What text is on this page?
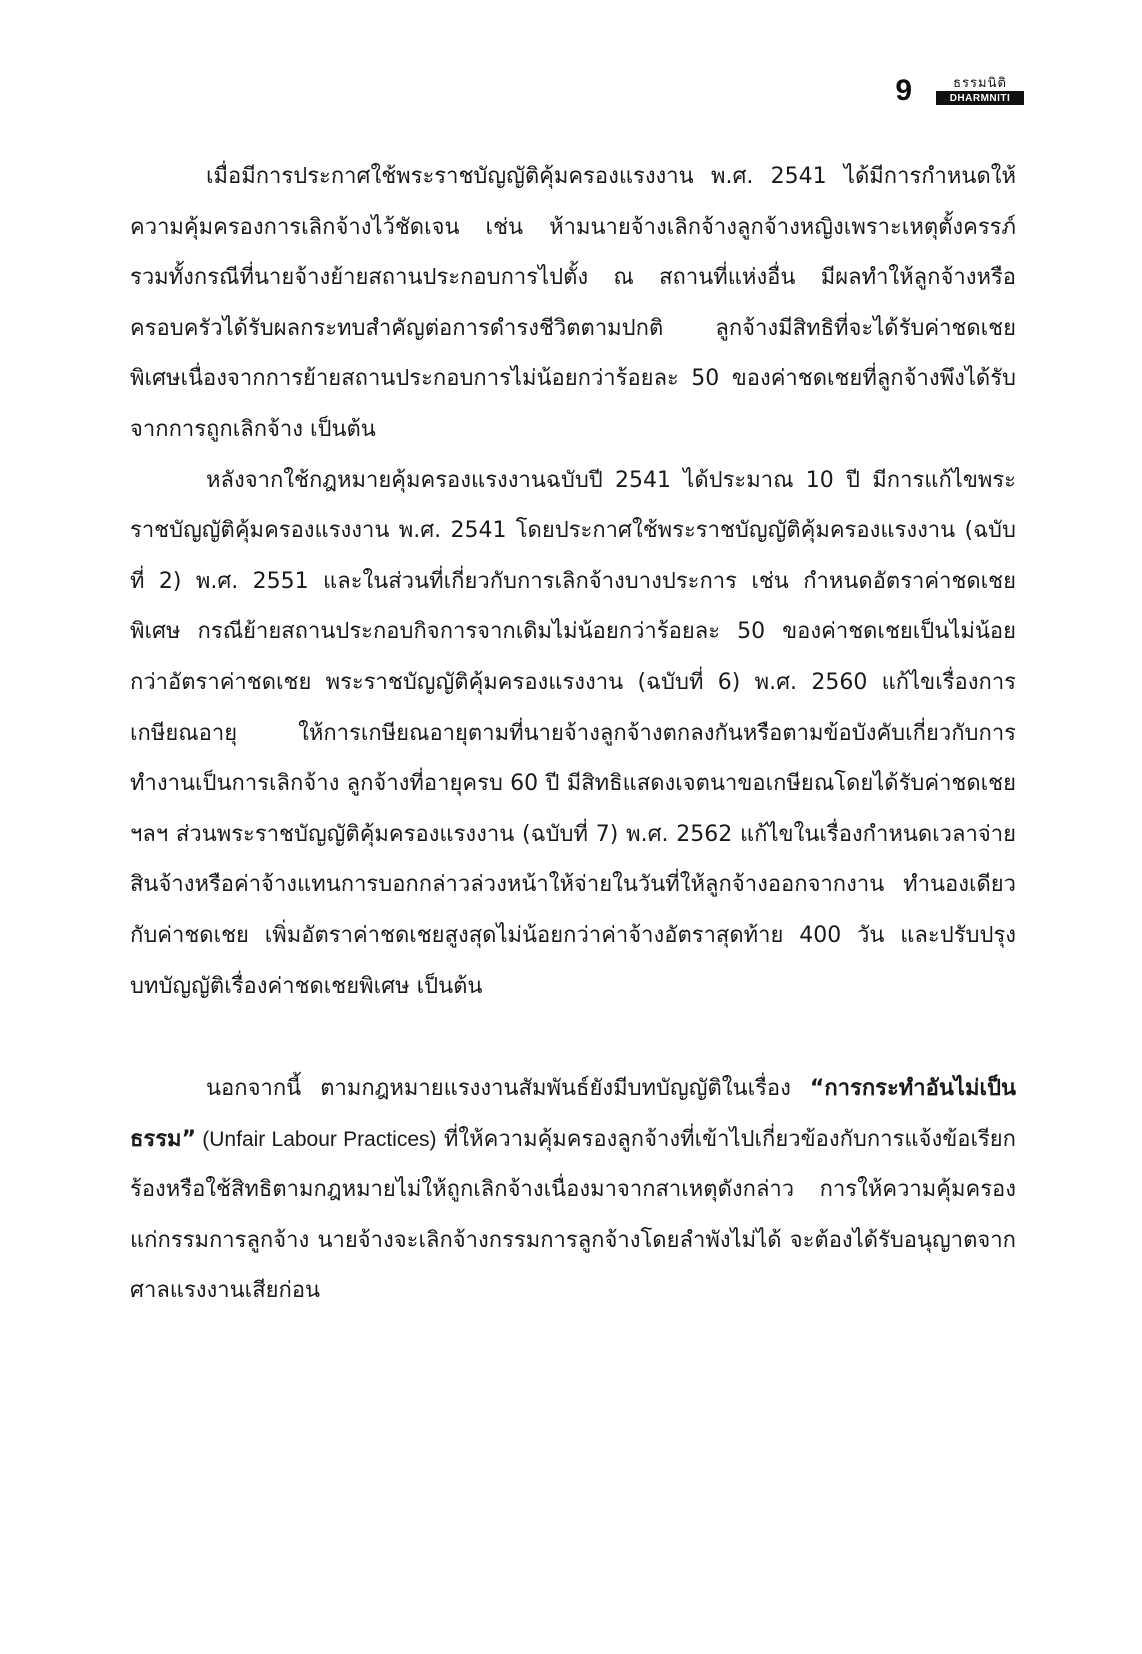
9	ธรรมนิติ
DHARMNITI

เมื่อมีการประกาศใช้พระราชบัญญัติคุ้มครองแรงงาน พ.ศ. 2541 ได้มีการกำหนดให้ความคุ้มครองการเลิกจ้างไว้ชัดเจน เช่น ห้ามนายจ้างเลิกจ้างลูกจ้างหญิงเพราะเหตุตั้งครรภ์ รวมทั้งกรณีที่นายจ้างย้ายสถานประกอบการไปตั้ง ณ สถานที่แห่งอื่น มีผลทำให้ลูกจ้างหรือครอบครัวได้รับผลกระทบสำคัญต่อการดำรงชีวิตตามปกติ ลูกจ้างมีสิทธิที่จะได้รับค่าชดเชยพิเศษเนื่องจากการย้ายสถานประกอบการไม่น้อยกว่าร้อยละ 50 ของค่าชดเชยที่ลูกจ้างพึงได้รับจากการถูกเลิกจ้าง เป็นต้น

หลังจากใช้กฎหมายคุ้มครองแรงงานฉบับปี 2541 ได้ประมาณ 10 ปี มีการแก้ไขพระราชบัญญัติคุ้มครองแรงงาน พ.ศ. 2541 โดยประกาศใช้พระราชบัญญัติคุ้มครองแรงงาน (ฉบับที่ 2) พ.ศ. 2551 และในส่วนที่เกี่ยวกับการเลิกจ้างบางประการ เช่น กำหนดอัตราค่าชดเชยพิเศษ กรณีย้ายสถานประกอบกิจการจากเดิมไม่น้อยกว่าร้อยละ 50 ของค่าชดเชยเป็นไม่น้อยกว่าอัตราค่าชดเชย พระราชบัญญัติคุ้มครองแรงงาน (ฉบับที่ 6) พ.ศ. 2560 แก้ไขเรื่องการเกษียณอายุ ให้การเกษียณอายุตามที่นายจ้างลูกจ้างตกลงกันหรือตามข้อบังคับเกี่ยวกับการทำงานเป็นการเลิกจ้าง ลูกจ้างที่อายุครบ 60 ปี มีสิทธิแสดงเจตนาขอเกษียณโดยได้รับค่าชดเชย ฯลฯ ส่วนพระราชบัญญัติคุ้มครองแรงงาน (ฉบับที่ 7) พ.ศ. 2562 แก้ไขในเรื่องกำหนดเวลาจ่ายสินจ้างหรือค่าจ้างแทนการบอกกล่าวล่วงหน้าให้จ่ายในวันที่ให้ลูกจ้างออกจากงาน ทำนองเดียวกับค่าชดเชย เพิ่มอัตราค่าชดเชยสูงสุดไม่น้อยกว่าค่าจ้างอัตราสุดท้าย 400 วัน และปรับปรุงบทบัญญัติเรื่องค่าชดเชยพิเศษ เป็นต้น

นอกจากนี้ ตามกฎหมายแรงงานสัมพันธ์ยังมีบทบัญญัติในเรื่อง “การกระทำอันไม่เป็นธรรม” (Unfair Labour Practices) ที่ให้ความคุ้มครองลูกจ้างที่เข้าไปเกี่ยวข้องกับการแจ้งข้อเรียกร้องหรือใช้สิทธิตามกฎหมายไม่ให้ถูกเลิกจ้างเนื่องมาจากสาเหตุดังกล่าว การให้ความคุ้มครองแก่กรรมการลูกจ้าง นายจ้างจะเลิกจ้างกรรมการลูกจ้างโดยลำพังไม่ได้ จะต้องได้รับอนุญาตจากศาลแรงงานเสียก่อน
